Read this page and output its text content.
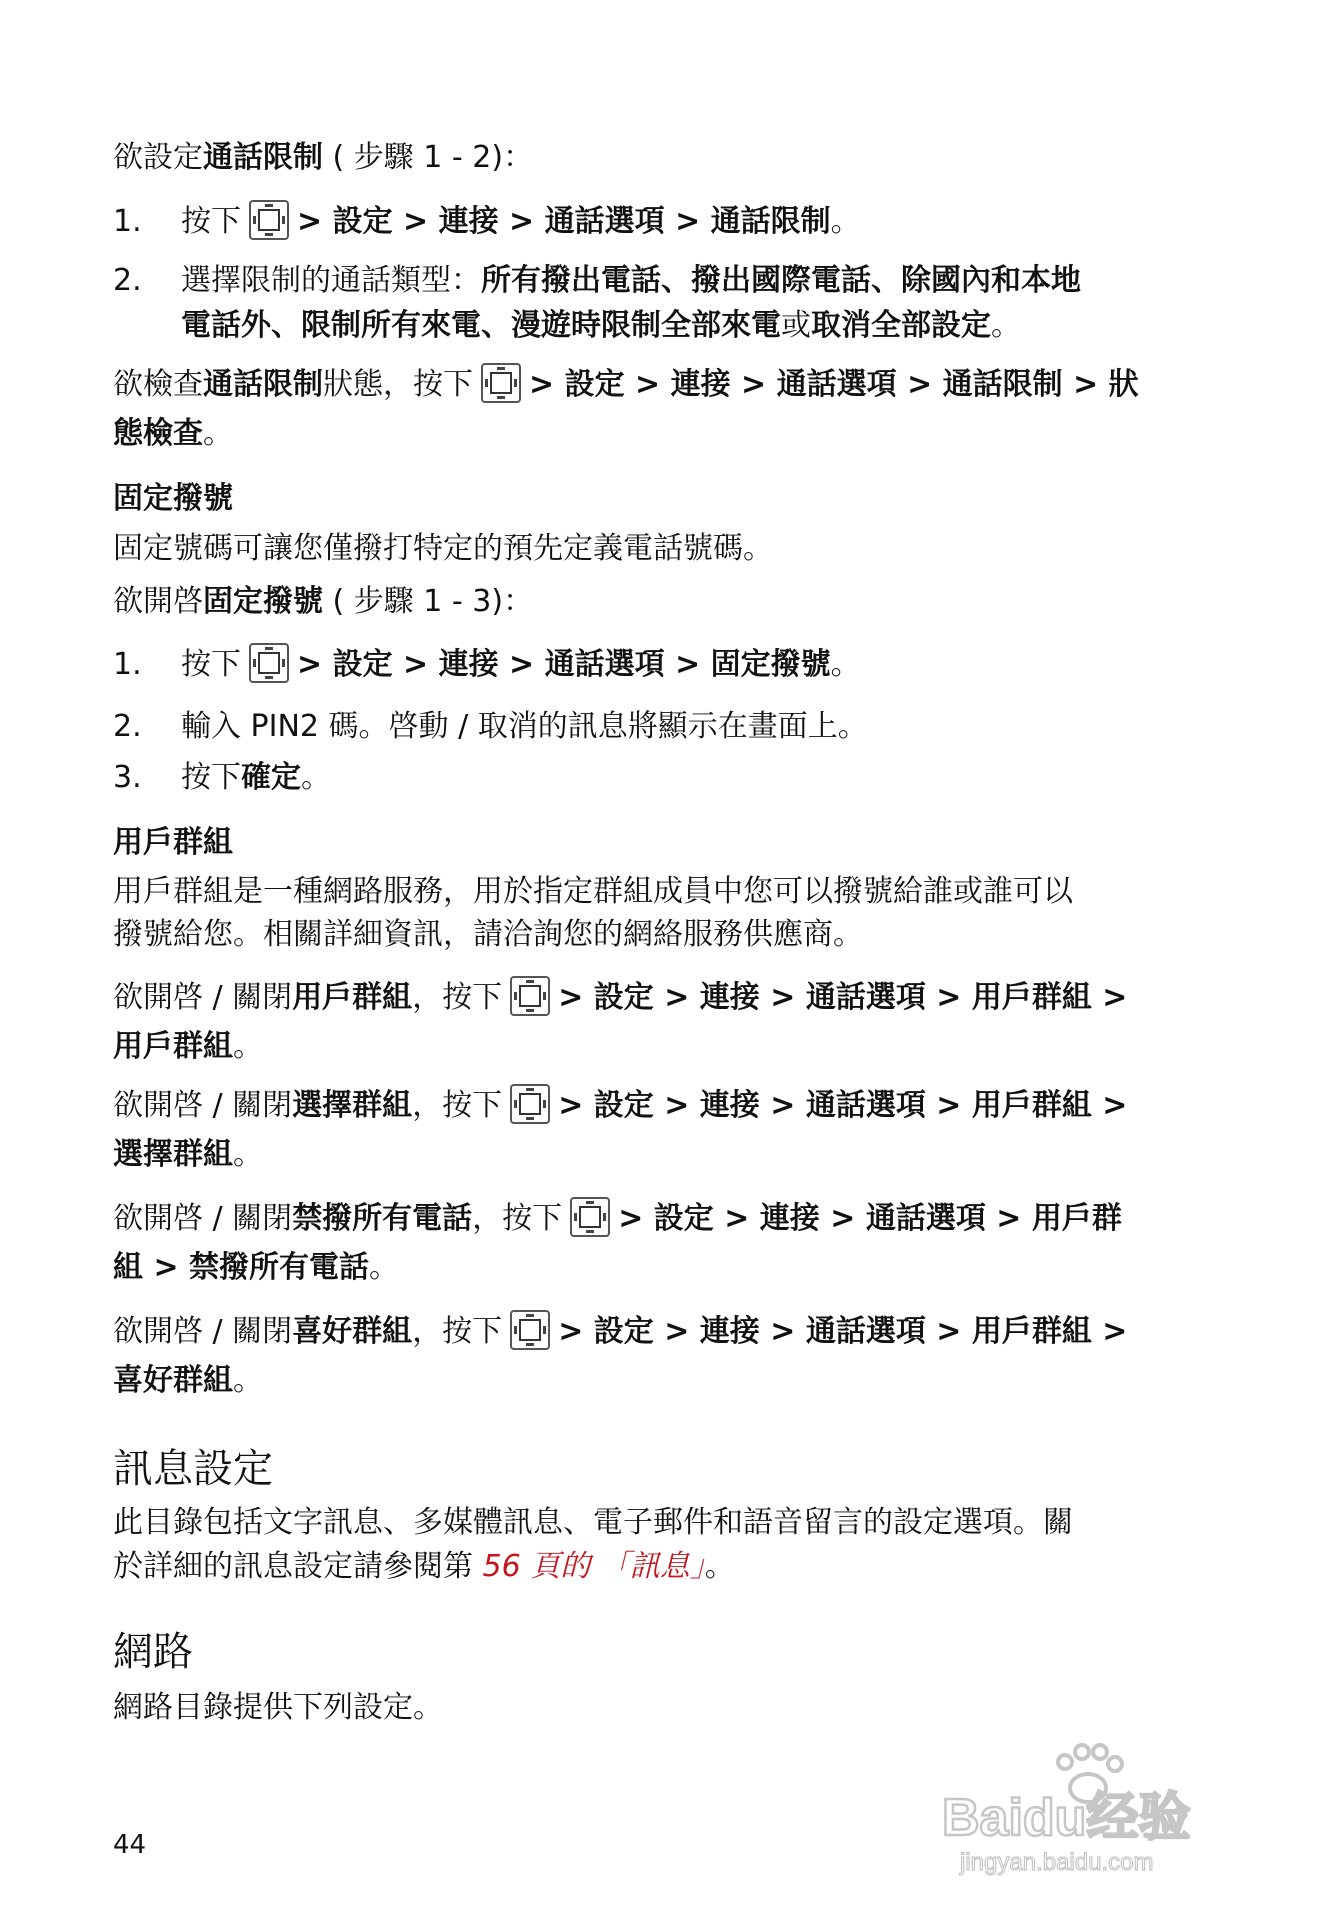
欲設定通話限制 ( 步驟 1 - 2)：
1. 按下 > 設定 > 連接 > 通話選項 > 通話限制。
2. 選擇限制的通話類型：所有撥出電話、撥出國際電話、除國內和本地
電話外、限制所有來電、漫遊時限制全部來電或取消全部設定。
欲檢查通話限制狀態，按下 > 設定 > 連接 > 通話選項 > 通話限制 > 狀
態檢查。
固定撥號
固定號碼可讓您僅撥打特定的預先定義電話號碼。
欲開啓固定撥號 ( 步驟 1 - 3)：
1. 按下 > 設定 > 連接 > 通話選項 > 固定撥號。
2. 輸入 PIN2 碼。啓動 / 取消的訊息將顯示在畫面上。
3. 按下確定。
用戶群組
用戶群組是一種網路服務，用於指定群組成員中您可以撥號給誰或誰可以
撥號給您。相關詳細資訊，請洽詢您的網絡服務供應商。
欲開啓 / 關閉用戶群組，按下 > 設定 > 連接 > 通話選項 > 用戶群組 >
用戶群組。
欲開啓 / 關閉選擇群組，按下 > 設定 > 連接 > 通話選項 > 用戶群組 >
選擇群組。
欲開啓 / 關閉禁撥所有電話，按下 > 設定 > 連接 > 通話選項 > 用戶群
組 > 禁撥所有電話。
欲開啓 / 關閉喜好群組，按下 > 設定 > 連接 > 通話選項 > 用戶群組 >
喜好群組。
訊息設定
此目錄包括文字訊息、多媒體訊息、電子郵件和語音留言的設定選項。關
於詳細的訊息設定請參閱第 56 頁的 「訊息」。
網路
網路目錄提供下列設定。
44	Baidu经验
jingyan.baidu.com
